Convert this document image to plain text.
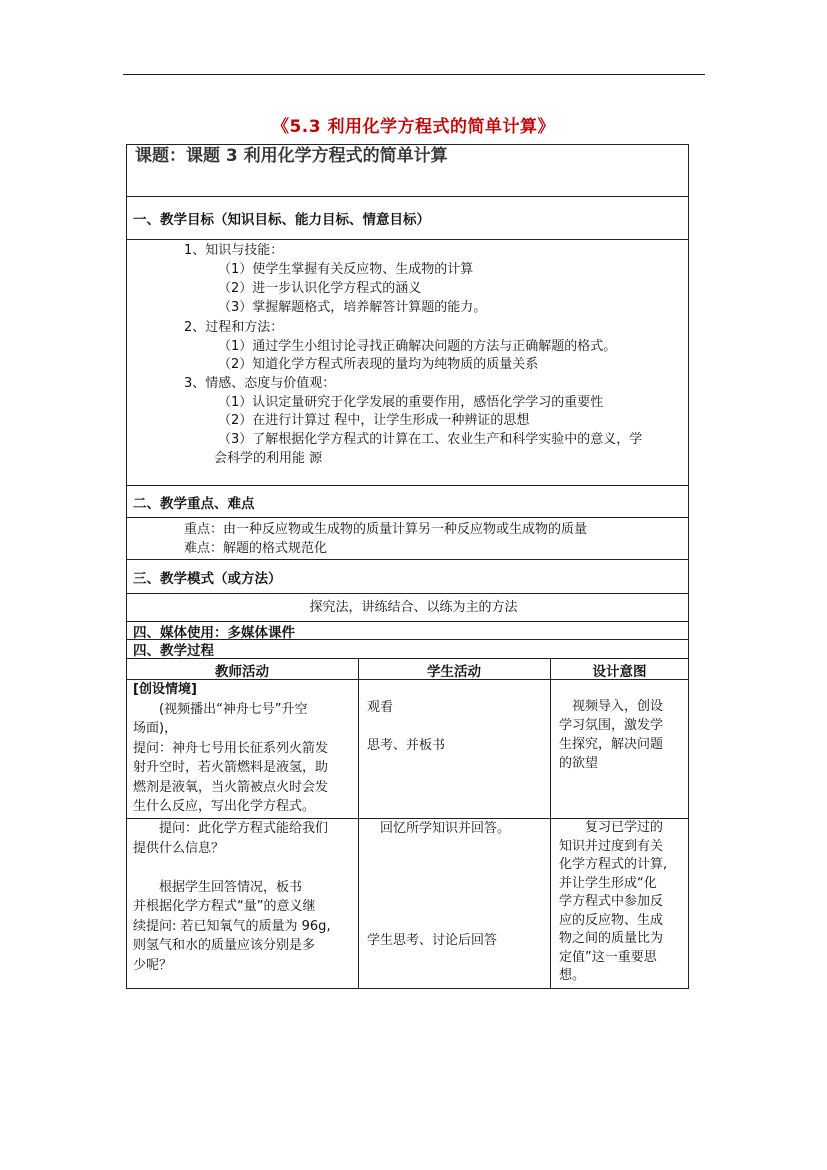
《5.3 利用化学方程式的简单计算》
课题：课题 3 利用化学方程式的简单计算
一、教学目标（知识目标、能力目标、情意目标）
1、知识与技能：
（1）使学生掌握有关反应物、生成物的计算
（2）进一步认识化学方程式的涵义
（3）掌握解题格式，培养解答计算题的能力。
2、过程和方法：
（1）通过学生小组讨论寻找正确解决问题的方法与正确解题的格式。
（2）知道化学方程式所表现的量均为纯物质的质量关系
3、情感、态度与价值观：
（1）认识定量研究于化学发展的重要作用，感悟化学学习的重要性
（2）在进行计算过 程中，让学生形成一种辨证的思想
（3）了解根据化学方程式的计算在工、农业生产和科学实验中的意义，学
会科学的利用能 源
二、教学重点、难点
重点：由一种反应物或生成物的质量计算另一种反应物或生成物的质量
难点：解题的格式规范化
三、教学模式（或方法）
探究法，讲练结合、以练为主的方法
四、媒体使用：多媒体课件
四、教学过程
教师活动	学生活动	设计意图
[创设情境]
　　(视频播出“神舟七号”升空
场面)，
提问：神舟七号用长征系列火箭发
射升空时，若火箭燃料是液氢，助
燃剂是液氧，当火箭被点火时会发
生什么反应，写出化学方程式。
观看
思考、并板书
　视频导入，创设
学习氛围，激发学
生探究，解决问题
的欲望
　　提问：此化学方程式能给我们
提供什么信息？
　　根据学生回答情况，板书
并根据化学方程式“量”的意义继
续提问: 若已知氧气的质量为 96g,
则氢气和水的质量应该分别是多
少呢？
　回忆所学知识并回答。
学生思考、讨论后回答
　　复习已学过的
知识并过度到有关
化学方程式的计算,
并让学生形成“化
学方程式中参加反
应的反应物、生成
物之间的质量比为
定值”这一重要思
想。
